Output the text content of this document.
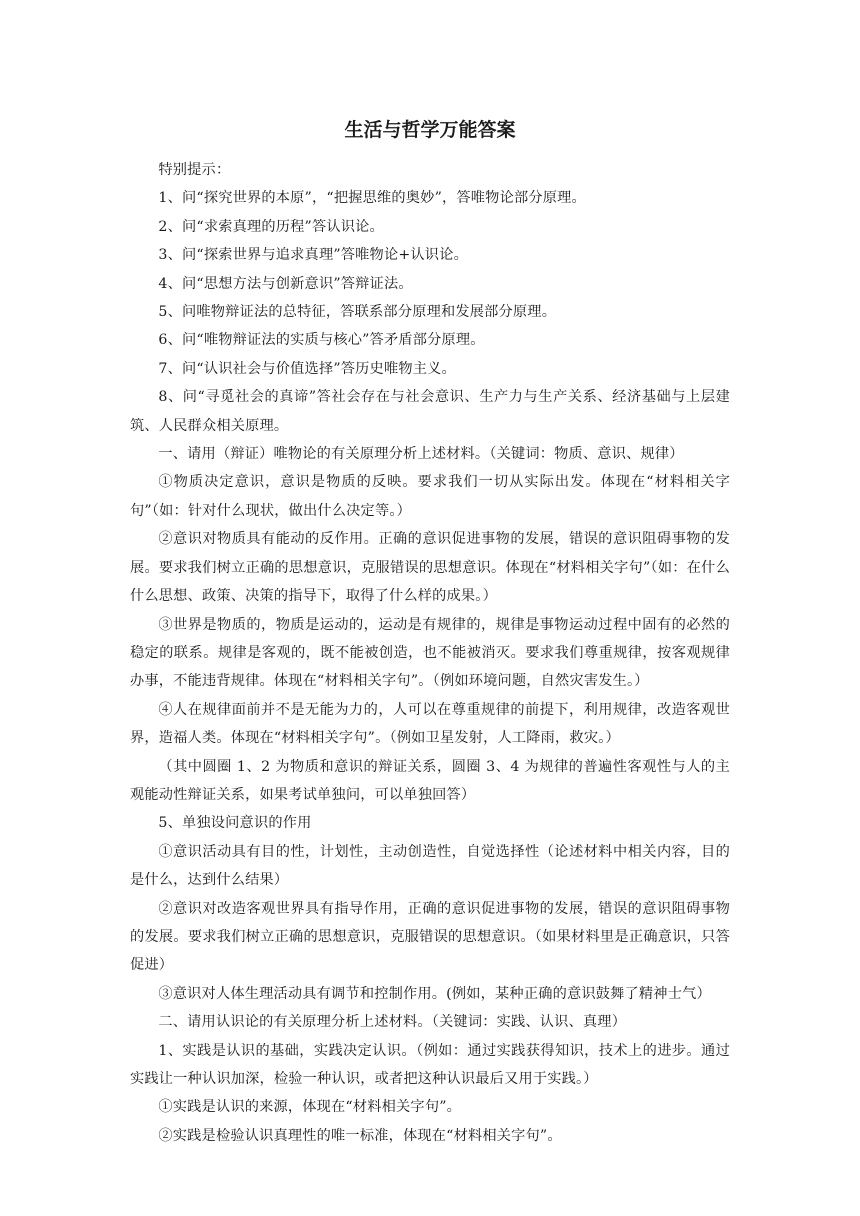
生活与哲学万能答案

特别提示：

1、问“探究世界的本原”，“把握思维的奥妙”，答唯物论部分原理。

2、问“求索真理的历程”答认识论。

3、问“探索世界与追求真理”答唯物论+认识论。

4、问“思想方法与创新意识”答辩证法。

5、问唯物辩证法的总特征，答联系部分原理和发展部分原理。

6、问“唯物辩证法的实质与核心”答矛盾部分原理。

7、问“认识社会与价值选择”答历史唯物主义。

8、问“寻觅社会的真谛”答社会存在与社会意识、生产力与生产关系、经济基础与上层建筑、人民群众相关原理。

一、请用（辩证）唯物论的有关原理分析上述材料。（关键词：物质、意识、规律）

①物质决定意识，意识是物质的反映。要求我们一切从实际出发。体现在“材料相关字句”（如：针对什么现状，做出什么决定等。）

②意识对物质具有能动的反作用。正确的意识促进事物的发展，错误的意识阻碍事物的发展。要求我们树立正确的思想意识，克服错误的思想意识。体现在“材料相关字句”（如：在什么什么思想、政策、决策的指导下，取得了什么样的成果。）

③世界是物质的，物质是运动的，运动是有规律的，规律是事物运动过程中固有的必然的稳定的联系。规律是客观的，既不能被创造，也不能被消灭。要求我们尊重规律，按客观规律办事，不能违背规律。体现在“材料相关字句”。（例如环境问题，自然灾害发生。）

④人在规律面前并不是无能为力的，人可以在尊重规律的前提下，利用规律，改造客观世界，造福人类。体现在“材料相关字句”。（例如卫星发射，人工降雨，救灾。）

（其中圆圈 1、2 为物质和意识的辩证关系，圆圈 3、4 为规律的普遍性客观性与人的主观能动性辩证关系，如果考试单独问，可以单独回答）

5、单独设问意识的作用

①意识活动具有目的性，计划性，主动创造性，自觉选择性（论述材料中相关内容，目的是什么，达到什么结果）

②意识对改造客观世界具有指导作用，正确的意识促进事物的发展，错误的意识阻碍事物的发展。要求我们树立正确的思想意识，克服错误的思想意识。（如果材料里是正确意识，只答促进）

③意识对人体生理活动具有调节和控制作用。(例如，某种正确的意识鼓舞了精神士气）

二、请用认识论的有关原理分析上述材料。（关键词：实践、认识、真理）

1、实践是认识的基础，实践决定认识。（例如：通过实践获得知识，技术上的进步。通过实践让一种认识加深，检验一种认识，或者把这种认识最后又用于实践。）

①实践是认识的来源，体现在“材料相关字句”。

②实践是检验认识真理性的唯一标准，体现在“材料相关字句”。
